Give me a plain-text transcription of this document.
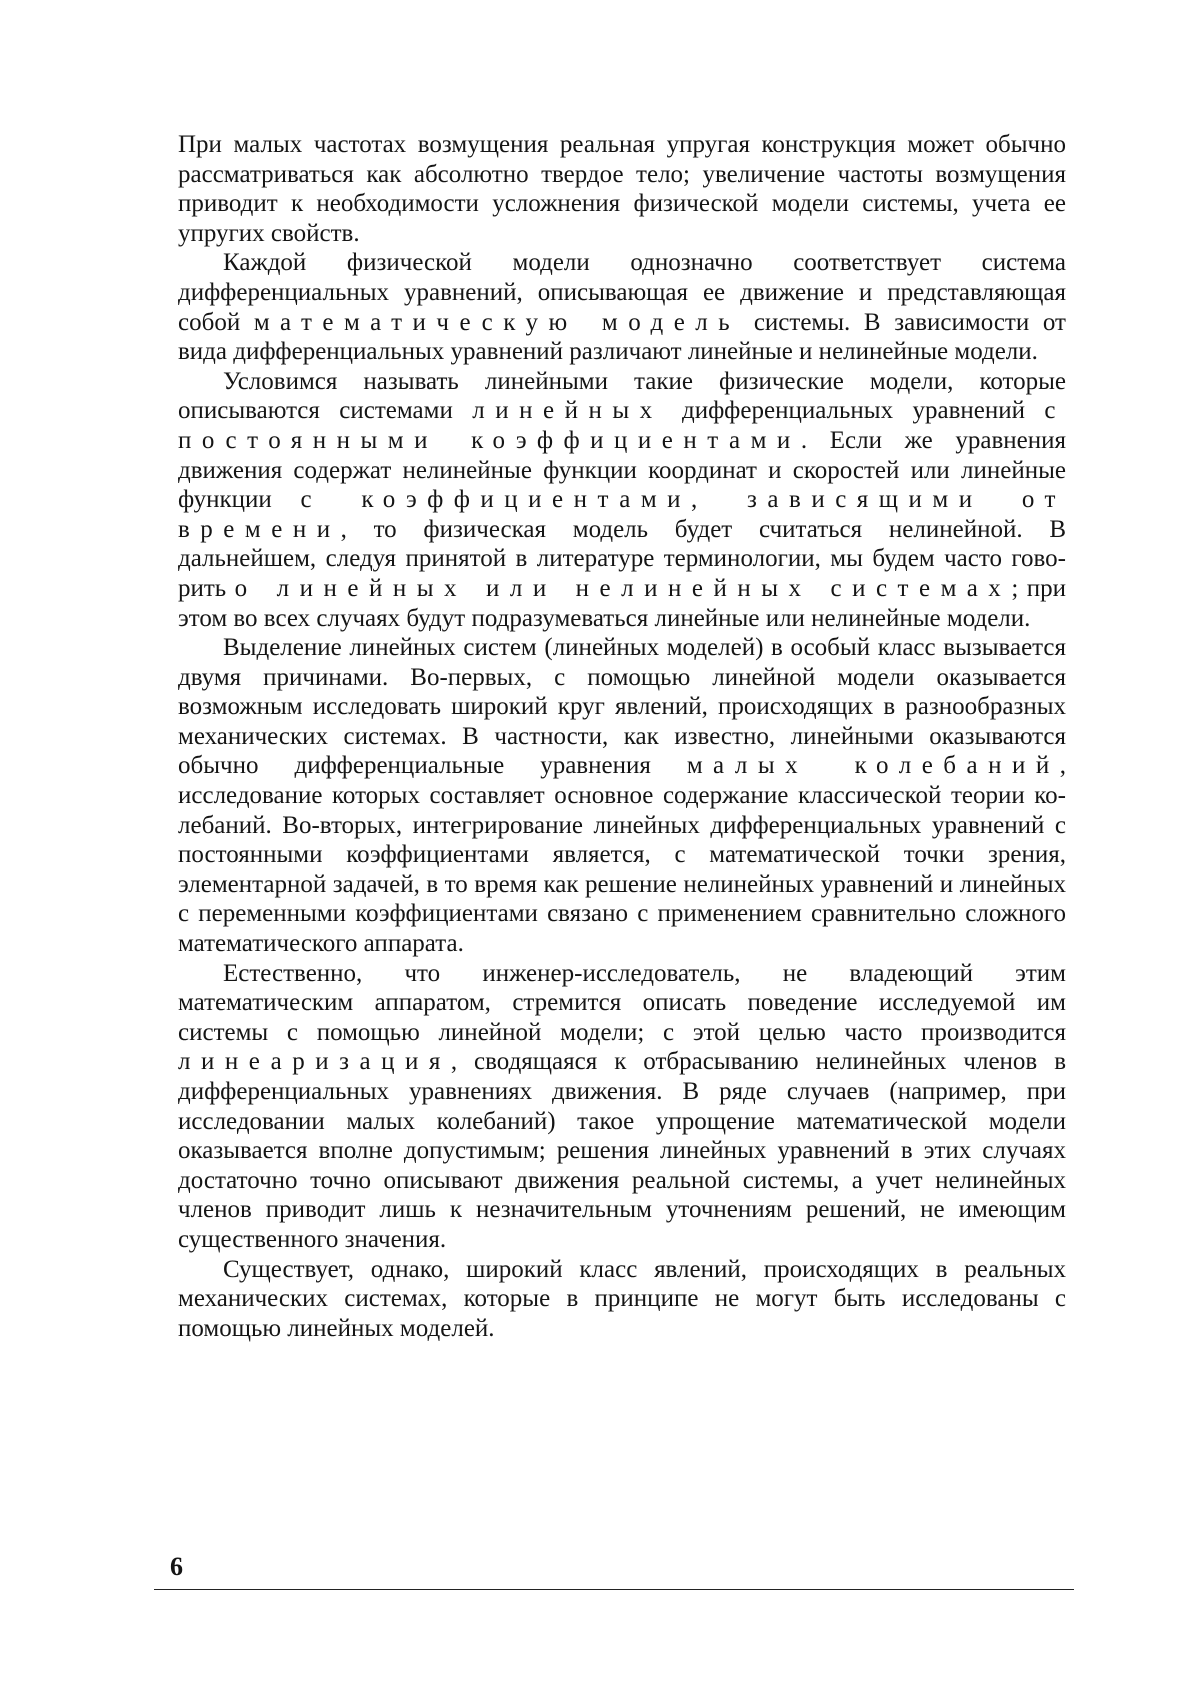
При малых частотах возмущения реальная упругая конструкция может обычно рассматриваться как абсолютно твердое тело; увеличение частоты возмущения приводит к необходимости усложнения физической модели системы, учета ее упругих свойств.

Каждой физической модели однозначно соответствует система дифференциальных уравнений, описывающая ее движение и представляющая собой математическую модель системы. В зависимости от вида дифференциальных уравнений различают линейные и нелинейные модели.

Условимся называть линейными такие физические модели, которые описываются системами линейных дифференциальных уравнений с постоянными коэффициентами. Если же уравнения движения содержат нелинейные функции координат и скоростей или линейные функции с коэффициентами, зависящими от времени, то физическая модель будет считаться нелинейной. В дальнейшем, следуя принятой в литературе терминологии, мы будем часто говорить о линейных или нелинейных системах; при этом во всех случаях будут подразумеваться линейные или нелинейные модели.

Выделение линейных систем (линейных моделей) в особый класс вызывается двумя причинами. Во-первых, с помощью линейной модели оказывается возможным исследовать широкий круг явлений, происходящих в разнообразных механических системах. В частности, как известно, линейными оказываются обычно дифференциальные уравнения малых колебаний, исследование которых составляет основное содержание классической теории колебаний. Во-вторых, интегрирование линейных дифференциальных уравнений с постоянными коэффициентами является, с математической точки зрения, элементарной задачей, в то время как решение нелинейных уравнений и линейных с переменными коэффициентами связано с применением сравнительно сложного математического аппарата.

Естественно, что инженер-исследователь, не владеющий этим математическим аппаратом, стремится описать поведение исследуемой им системы с помощью линейной модели; с этой целью часто производится линеаризация, сводящаяся к отбрасыванию нелинейных членов в дифференциальных уравнениях движения. В ряде случаев (например, при исследовании малых колебаний) такое упрощение математической модели оказывается вполне допустимым; решения линейных уравнений в этих случаях достаточно точно описывают движения реальной системы, а учет нелинейных членов приводит лишь к незначительным уточнениям решений, не имеющим существенного значения.

Существует, однако, широкий класс явлений, происходящих в реальных механических системах, которые в принципе не могут быть исследованы с помощью линейных моделей.

6
